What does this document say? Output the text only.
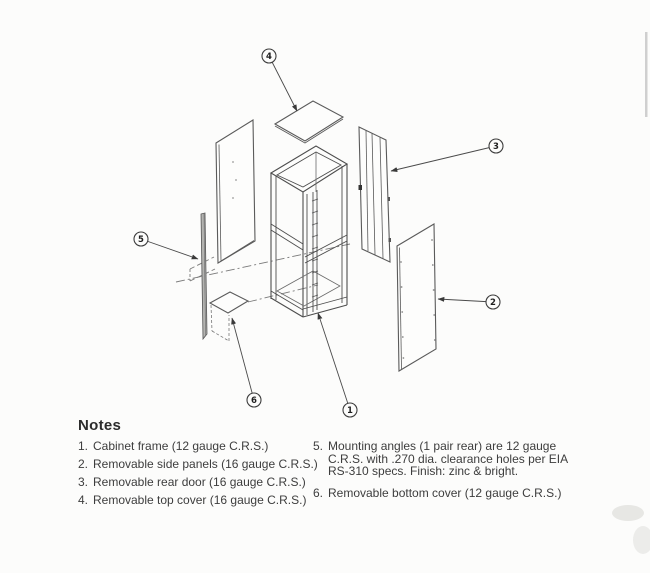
4
3
5
2
6
1
Notes
1. Cabinet frame (12 gauge C.R.S.)
2. Removable side panels (16 gauge C.R.S.)
3. Removable rear door (16 gauge C.R.S.)
4. Removable top cover (16 gauge C.R.S.)
5. Mounting angles (1 pair rear) are 12 gauge C.R.S. with .270 dia. clearance holes per EIA RS-310 specs. Finish: zinc & bright.
6. Removable bottom cover (12 gauge C.R.S.)
